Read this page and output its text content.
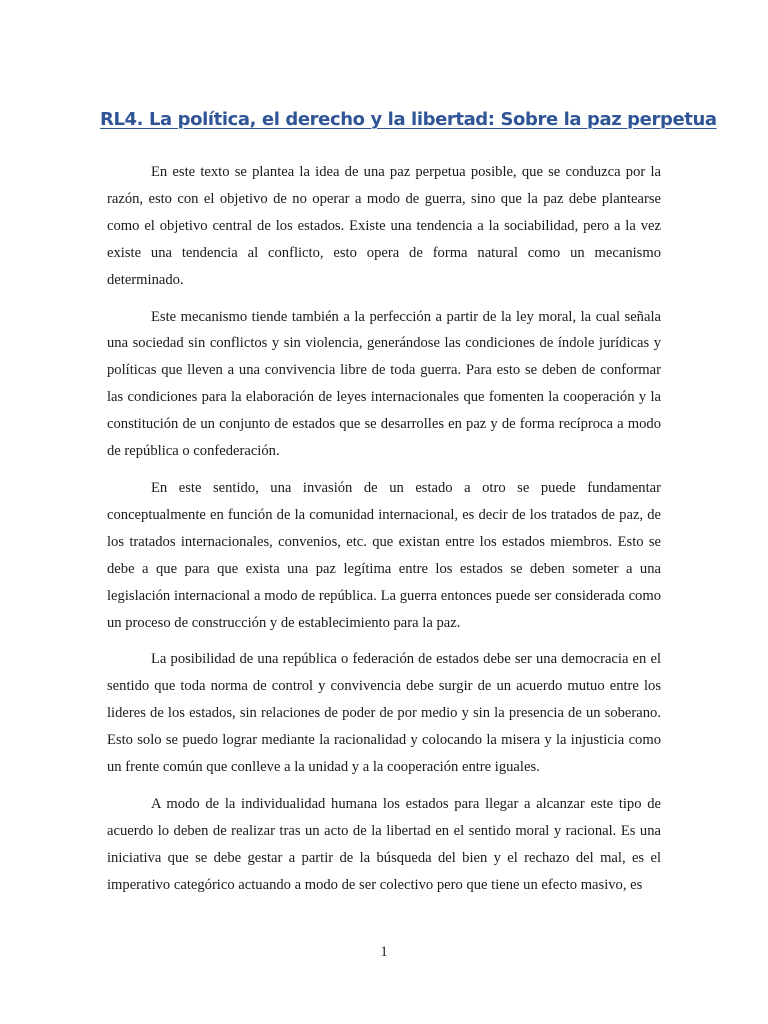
RL4. La política, el derecho y la libertad: Sobre la paz perpetua

En este texto se plantea la idea de una paz perpetua posible, que se conduzca por la razón, esto con el objetivo de no operar a modo de guerra, sino que la paz debe plantearse como el objetivo central de los estados. Existe una tendencia a la sociabilidad, pero a la vez existe una tendencia al conflicto, esto opera de forma natural como un mecanismo determinado.

Este mecanismo tiende también a la perfección a partir de la ley moral, la cual señala una sociedad sin conflictos y sin violencia, generándose las condiciones de índole jurídicas y políticas que lleven a una convivencia libre de toda guerra. Para esto se deben de conformar las condiciones para la elaboración de leyes internacionales que fomenten la cooperación y la constitución de un conjunto de estados que se desarrolles en paz y de forma recíproca a modo de república o confederación.

En este sentido, una invasión de un estado a otro se puede fundamentar conceptualmente en función de la comunidad internacional, es decir de los tratados de paz, de los tratados internacionales, convenios, etc. que existan entre los estados miembros. Esto se debe a que para que exista una paz legítima entre los estados se deben someter a una legislación internacional a modo de república. La guerra entonces puede ser considerada como un proceso de construcción y de establecimiento para la paz.

La posibilidad de una república o federación de estados debe ser una democracia en el sentido que toda norma de control y convivencia debe surgir de un acuerdo mutuo entre los lideres de los estados, sin relaciones de poder de por medio y sin la presencia de un soberano. Esto solo se puedo lograr mediante la racionalidad y colocando la misera y la injusticia como un frente común que conlleve a la unidad y a la cooperación entre iguales.

A modo de la individualidad humana los estados para llegar a alcanzar este tipo de acuerdo lo deben de realizar tras un acto de la libertad en el sentido moral y racional. Es una iniciativa que se debe gestar a partir de la búsqueda del bien y el rechazo del mal, es el imperativo categórico actuando a modo de ser colectivo pero que tiene un efecto masivo, es

1
